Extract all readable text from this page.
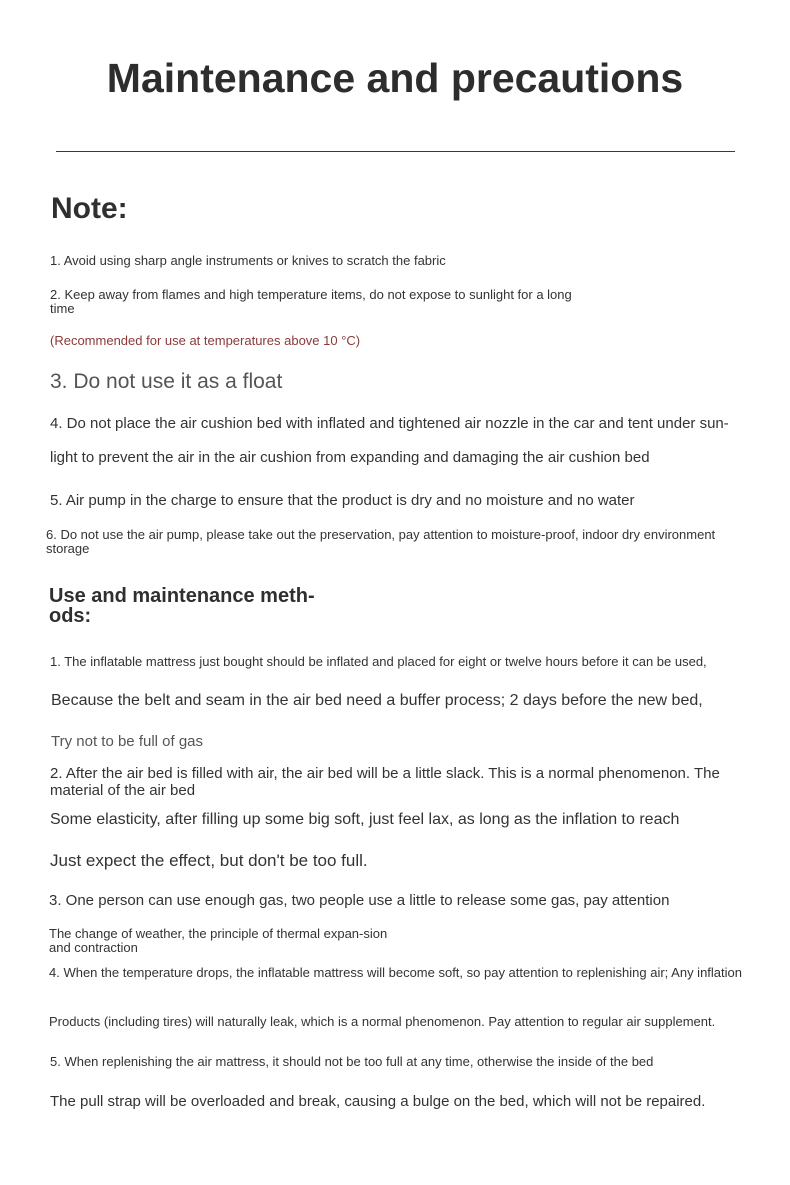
Maintenance and precautions
Note:

1. Avoid using sharp angle instruments or knives to scratch the fabric

2. Keep away from flames and high temperature items, do not expose to sunlight for a long time

(Recommended for use at temperatures above 10 °C)

3. Do not use it as a float

4. Do not place the air cushion bed with inflated and tightened air nozzle in the car and tent under sun-

light to prevent the air in the air cushion from expanding and damaging the air cushion bed

5. Air pump in the charge to ensure that the product is dry and no moisture and no water

6. Do not use the air pump, please take out the preservation, pay attention to moisture-proof, indoor dry environment storage

Use and maintenance meth-ods:

1. The inflatable mattress just bought should be inflated and placed for eight or twelve hours before it can be used,

Because the belt and seam in the air bed need a buffer process; 2 days before the new bed,

Try not to be full of gas

2. After the air bed is filled with air, the air bed will be a little slack. This is a normal phenomenon. The material of the air bed

Some elasticity, after filling up some big soft, just feel lax, as long as the inflation to reach

Just expect the effect, but don't be too full.

3. One person can use enough gas, two people use a little to release some gas, pay attention

The change of weather, the principle of thermal expan-sion and contraction

4. When the temperature drops, the inflatable mattress will become soft, so pay attention to replenishing air; Any inflation

Products (including tires) will naturally leak, which is a normal phenomenon. Pay attention to regular air supplement.

5. When replenishing the air mattress, it should not be too full at any time, otherwise the inside of the bed

The pull strap will be overloaded and break, causing a bulge on the bed, which will not be repaired.
